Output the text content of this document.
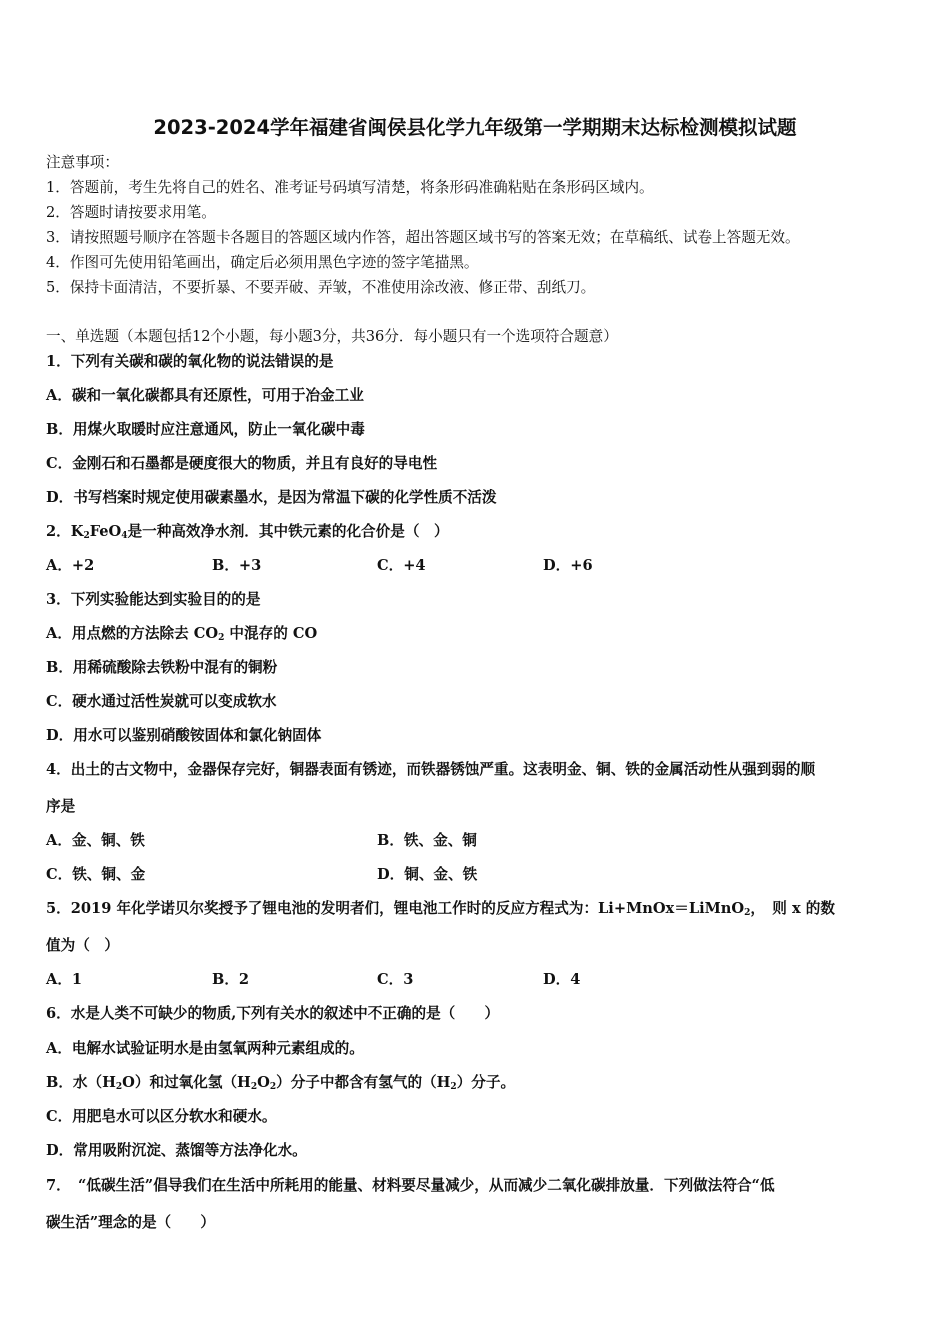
2023-2024学年福建省闽侯县化学九年级第一学期期末达标检测模拟试题
注意事项：
1．答题前，考生先将自己的姓名、准考证号码填写清楚，将条形码准确粘贴在条形码区域内。
2．答题时请按要求用笔。
3．请按照题号顺序在答题卡各题目的答题区域内作答，超出答题区域书写的答案无效；在草稿纸、试卷上答题无效。
4．作图可先使用铅笔画出，确定后必须用黑色字迹的签字笔描黑。
5．保持卡面清洁，不要折暴、不要弄破、弄皱，不准使用涂改液、修正带、刮纸刀。
一、单选题（本题包括12个小题，每小题3分，共36分．每小题只有一个选项符合题意）
1．下列有关碳和碳的氧化物的说法错误的是
A．碳和一氧化碳都具有还原性，可用于冶金工业
B．用煤火取暖时应注意通风，防止一氧化碳中毒
C．金刚石和石墨都是硬度很大的物质，并且有良好的导电性
D．书写档案时规定使用碳素墨水，是因为常温下碳的化学性质不活泼
2．$K_2FeO_4$是一种高效净水剂．其中铁元素的化合价是（　）
A．+2	B．+3	C．+4	D．+6
3．下列实验能达到实验目的的是
A．用点燃的方法除去 $CO_2$ 中混存的 CO
B．用稀硫酸除去铁粉中混有的铜粉
C．硬水通过活性炭就可以变成软水
D．用水可以鉴别硝酸铵固体和氯化钠固体
4．出土的古文物中，金器保存完好，铜器表面有锈迹，而铁器锈蚀严重。这表明金、铜、铁的金属活动性从强到弱的顺
序是
A．金、铜、铁	B．铁、金、铜
C．铁、铜、金	D．铜、金、铁
5．2019 年化学诺贝尔奖授予了锂电池的发明者们，锂电池工作时的反应方程式为：Li+MnOx＝LiMnO$_2$，　则 x 的数
值为（　）
A．1	B．2	C．3	D．4
6．水是人类不可缺少的物质,下列有关水的叙述中不正确的是（　　）
A．电解水试验证明水是由氢氧两种元素组成的。
B．水$(H_2O)$和过氧化氢$(H_2O_2)$分子中都含有氢气的$(H_2)$分子。
C．用肥皂水可以区分软水和硬水。
D．常用吸附沉淀、蒸馏等方法净化水。
7．　“低碳生活”倡导我们在生活中所耗用的能量、材料要尽量减少，从而减少二氧化碳排放量．下列做法符合“低
碳生活”理念的是（　　）
